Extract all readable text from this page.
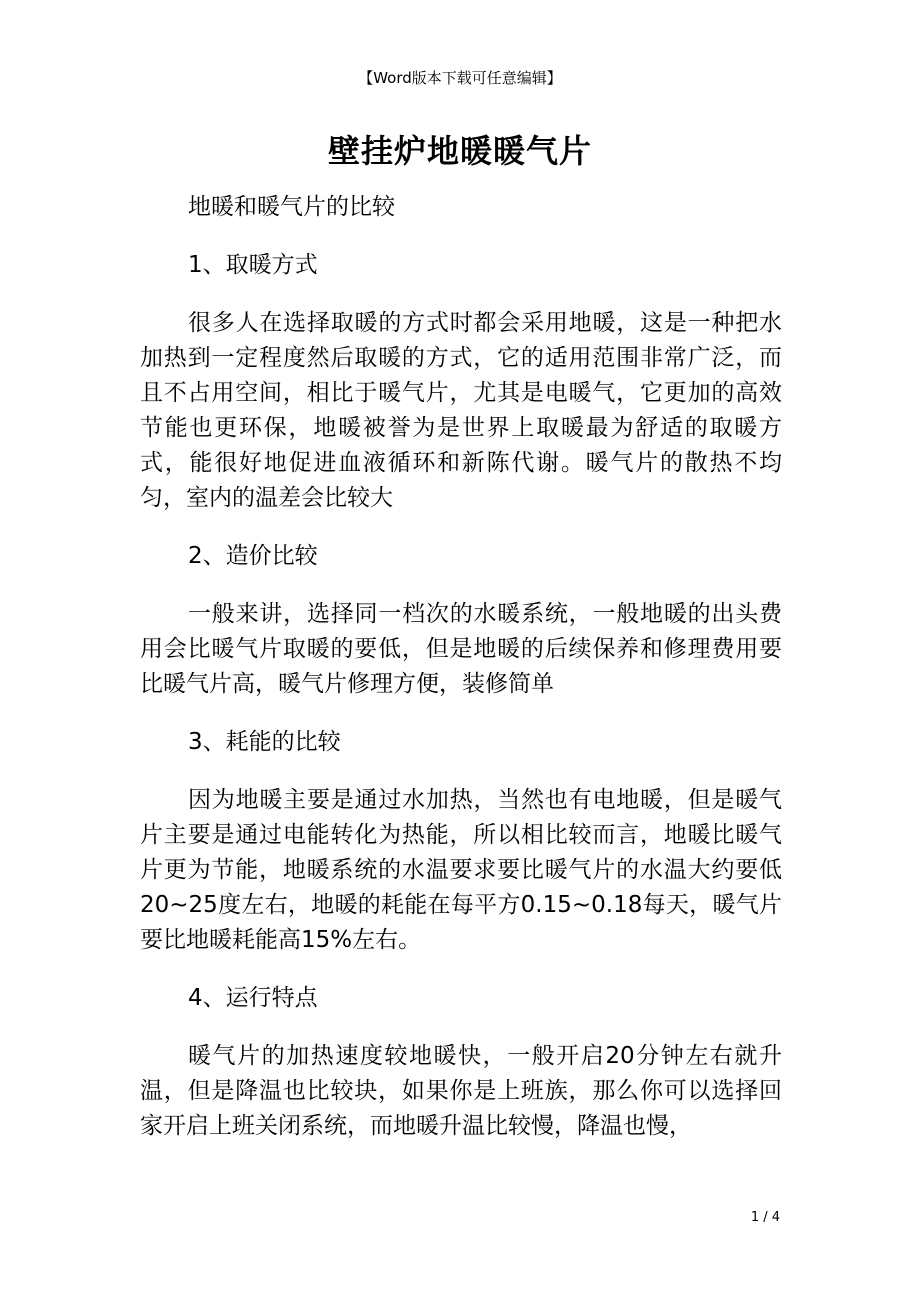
【Word版本下载可任意编辑】
壁挂炉地暖暖气片

地暖和暖气片的比较

1、取暖方式

很多人在选择取暖的方式时都会采用地暖，这是一种把水加热到一定程度然后取暖的方式，它的适用范围非常广泛，而且不占用空间，相比于暖气片，尤其是电暖气，它更加的高效节能也更环保，地暖被誉为是世界上取暖最为舒适的取暖方式，能很好地促进血液循环和新陈代谢。暖气片的散热不均匀，室内的温差会比较大

2、造价比较

一般来讲，选择同一档次的水暖系统，一般地暖的出头费用会比暖气片取暖的要低，但是地暖的后续保养和修理费用要比暖气片高，暖气片修理方便，装修简单

3、耗能的比较

因为地暖主要是通过水加热，当然也有电地暖，但是暖气片主要是通过电能转化为热能，所以相比较而言，地暖比暖气片更为节能，地暖系统的水温要求要比暖气片的水温大约要低20~25度左右，地暖的耗能在每平方0.15~0.18每天，暖气片要比地暖耗能高15%左右。

4、运行特点

暖气片的加热速度较地暖快，一般开启20分钟左右就升温，但是降温也比较块，如果你是上班族，那么你可以选择回家开启上班关闭系统，而地暖升温比较慢，降温也慢，

1 / 4
